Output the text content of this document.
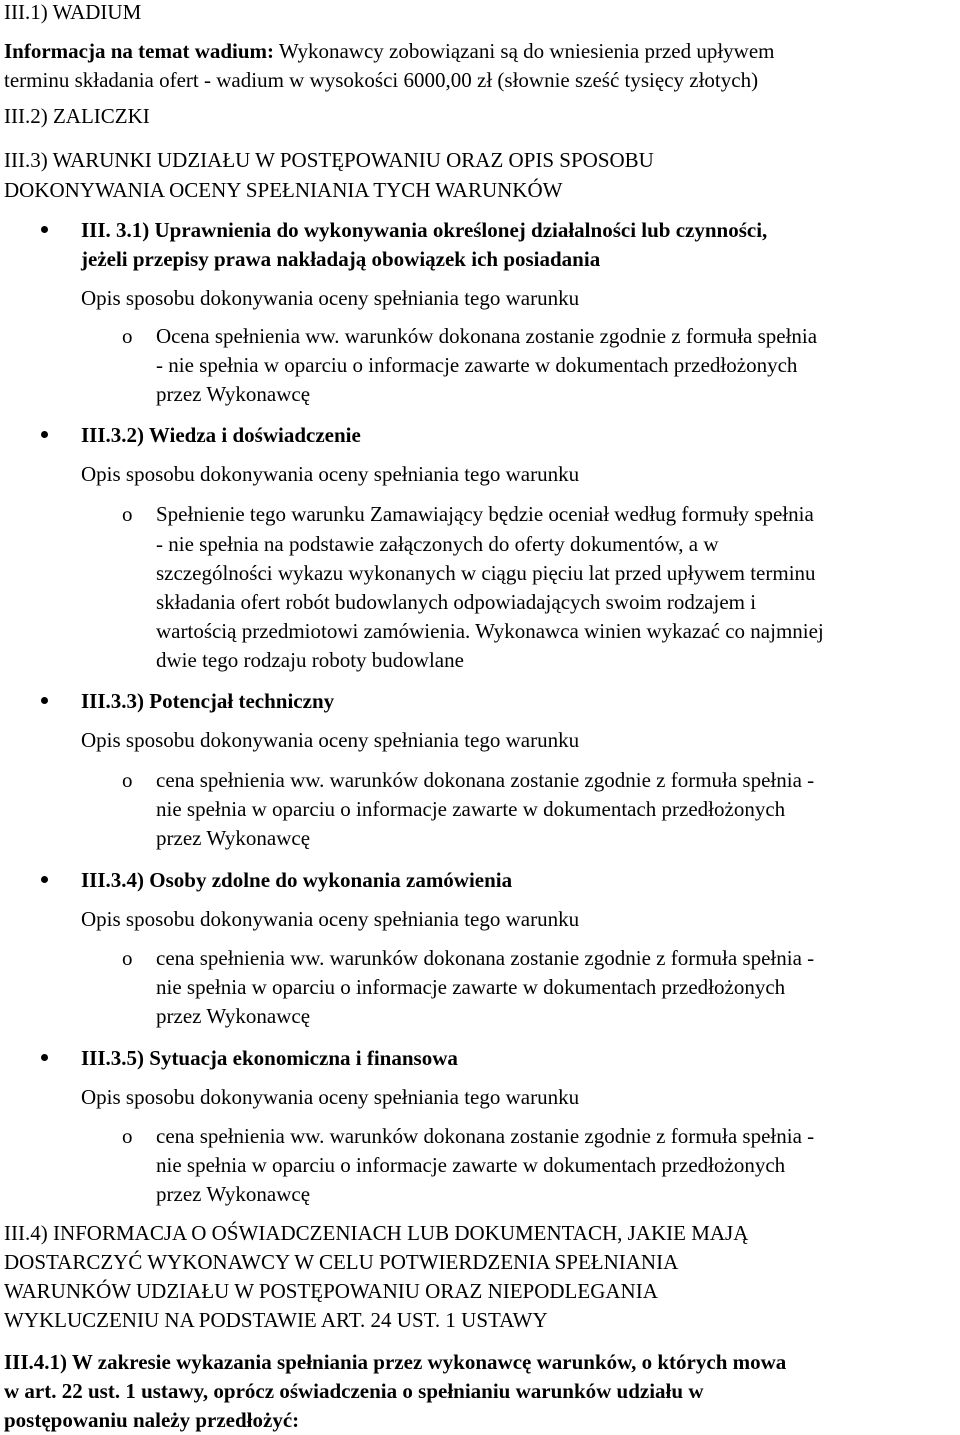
III.1) WADIUM
Informacja na temat wadium: Wykonawcy zobowiązani są do wniesienia przed upływem
terminu składania ofert - wadium w wysokości 6000,00 zł (słownie sześć tysięcy złotych)
III.2) ZALICZKI
III.3) WARUNKI UDZIAŁU W POSTĘPOWANIU ORAZ OPIS SPOSOBU
DOKONYWANIA OCENY SPEŁNIANIA TYCH WARUNKÓW
III. 3.1) Uprawnienia do wykonywania określonej działalności lub czynności,
jeżeli przepisy prawa nakładają obowiązek ich posiadania
Opis sposobu dokonywania oceny spełniania tego warunku
o Ocena spełnienia ww. warunków dokonana zostanie zgodnie z formuła spełnia
- nie spełnia w oparciu o informacje zawarte w dokumentach przedłożonych
przez Wykonawcę
III.3.2) Wiedza i doświadczenie
Opis sposobu dokonywania oceny spełniania tego warunku
o Spełnienie tego warunku Zamawiający będzie oceniał według formuły spełnia
- nie spełnia na podstawie załączonych do oferty dokumentów, a w
szczególności wykazu wykonanych w ciągu pięciu lat przed upływem terminu
składania ofert robót budowlanych odpowiadających swoim rodzajem i
wartością przedmiotowi zamówienia. Wykonawca winien wykazać co najmniej
dwie tego rodzaju roboty budowlane
III.3.3) Potencjał techniczny
Opis sposobu dokonywania oceny spełniania tego warunku
o cena spełnienia ww. warunków dokonana zostanie zgodnie z formuła spełnia -
nie spełnia w oparciu o informacje zawarte w dokumentach przedłożonych
przez Wykonawcę
III.3.4) Osoby zdolne do wykonania zamówienia
Opis sposobu dokonywania oceny spełniania tego warunku
o cena spełnienia ww. warunków dokonana zostanie zgodnie z formuła spełnia -
nie spełnia w oparciu o informacje zawarte w dokumentach przedłożonych
przez Wykonawcę
III.3.5) Sytuacja ekonomiczna i finansowa
Opis sposobu dokonywania oceny spełniania tego warunku
o cena spełnienia ww. warunków dokonana zostanie zgodnie z formuła spełnia -
nie spełnia w oparciu o informacje zawarte w dokumentach przedłożonych
przez Wykonawcę
III.4) INFORMACJA O OŚWIADCZENIACH LUB DOKUMENTACH, JAKIE MAJĄ
DOSTARCZYĆ WYKONAWCY W CELU POTWIERDZENIA SPEŁNIANIA
WARUNKÓW UDZIAŁU W POSTĘPOWANIU ORAZ NIEPODLEGANIA
WYKLUCZENIU NA PODSTAWIE ART. 24 UST. 1 USTAWY
III.4.1) W zakresie wykazania spełniania przez wykonawcę warunków, o których mowa
w art. 22 ust. 1 ustawy, oprócz oświadczenia o spełnianiu warunków udziału w
postępowaniu należy przedłożyć:
